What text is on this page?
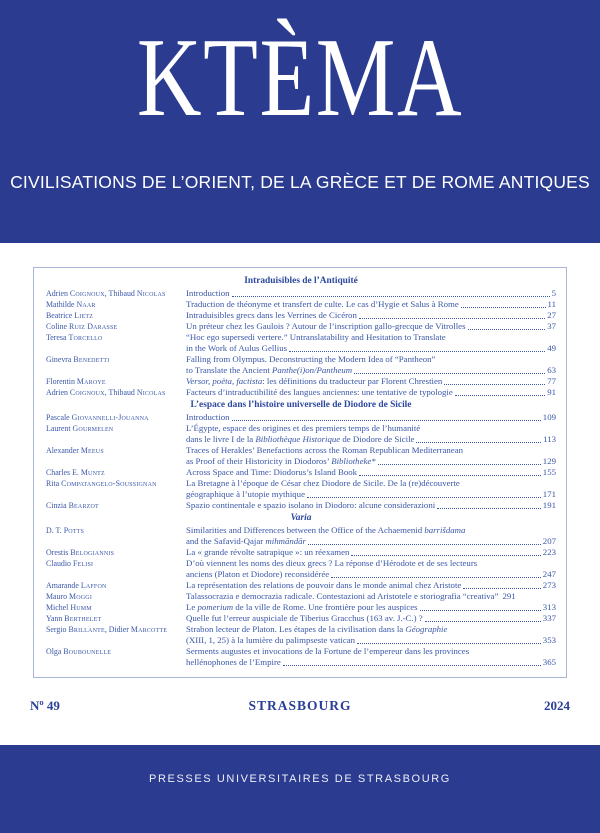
KTÈMA
CIVILISATIONS DE L’ORIENT, DE LA GRÈCE ET DE ROME ANTIQUES
Intraduisibles de l’Antiquité
Adrien Coignoux, Thibaud Nicolas	Introduction	5
Mathilde Naar	Traduction de théonyme et transfert de culte. Le cas d’Hygie et Salus à Rome	11
Beatrice Lietz	Intraduisibles grecs dans les Verrines de Cicéron	27
Coline Ruiz Darasse	Un préteur chez les Gaulois ? Autour de l’inscription gallo-grecque de Vitrolles	37
Teresa Torcello	“Hoc ego supersedi vertere.” Untranslatability and Hesitation to Translate
in the Work of Aulus Gellius	49
Ginevra Benedetti	Falling from Olympus. Deconstructing the Modern Idea of “Pantheon”
to Translate the Ancient Panthe(i)on/Pantheum	63
Florentin Maroye	Versor, poëta, factista: les définitions du traducteur par Florent Chrestien	77
Adrien Coignoux, Thibaud Nicolas	Facteurs d’intraductibilité des langues anciennes: une tentative de typologie	91
L’espace dans l’histoire universelle de Diodore de Sicile
Pascale Giovannelli-Jouanna	Introduction	109
Laurent Gourmelen	L’Égypte, espace des origines et des premiers temps de l’humanité
dans le livre I de la Bibliothèque Historique de Diodore de Sicile	113
Alexander Meeus	Traces of Herakles’ Benefactions across the Roman Republican Mediterranean
as Proof of their Historicity in Diodoros’ Bibliotheke*	129
Charles E. Muntz	Across Space and Time: Diodorus’s Island Book	155
Rita Compatangelo-Soussignan	La Bretagne à l’époque de César chez Diodore de Sicile. De la (re)découverte
géographique à l’utopie mythique	171
Cinzia Bearzot	Spazio continentale e spazio isolano in Diodoro: alcune considerazioni	191
Varia
D. T. Potts	Similarities and Differences between the Office of the Achaemenid barrišdama
and the Safavid-Qajar mihmāndār	207
Orestis Belogiannis	La « grande révolte satrapique »: un réexamen	223
Claudio Felisi	D’où viennent les noms des dieux grecs ? La réponse d’Hérodote et de ses lecteurs
anciens (Platon et Diodore) reconsidérée	247
Amarande Laffon	La représentation des relations de pouvoir dans le monde animal chez Aristote	273
Mauro Moggi	Talassocrazia e democrazia radicale. Contestazioni ad Aristotele e storiografia “creativa” 291
Michel Humm	Le pomerium de la ville de Rome. Une frontière pour les auspices	313
Yann Berthelet	Quelle fut l’erreur auspiciale de Tiberius Gracchus (163 av. J.-C.) ?	337
Sergio Brillante, Didier Marcotte	Strabon lecteur de Platon. Les étapes de la civilisation dans la Géographie
(XIII, 1, 25) à la lumière du palimpseste vatican	353
Olga Boubounelle	Serments augustes et invocations de la Fortune de l’empereur dans les provinces
hellénophones de l’Empire	365
Nº 49	STRASBOURG	2024
PRESSES UNIVERSITAIRES DE STRASBOURG
